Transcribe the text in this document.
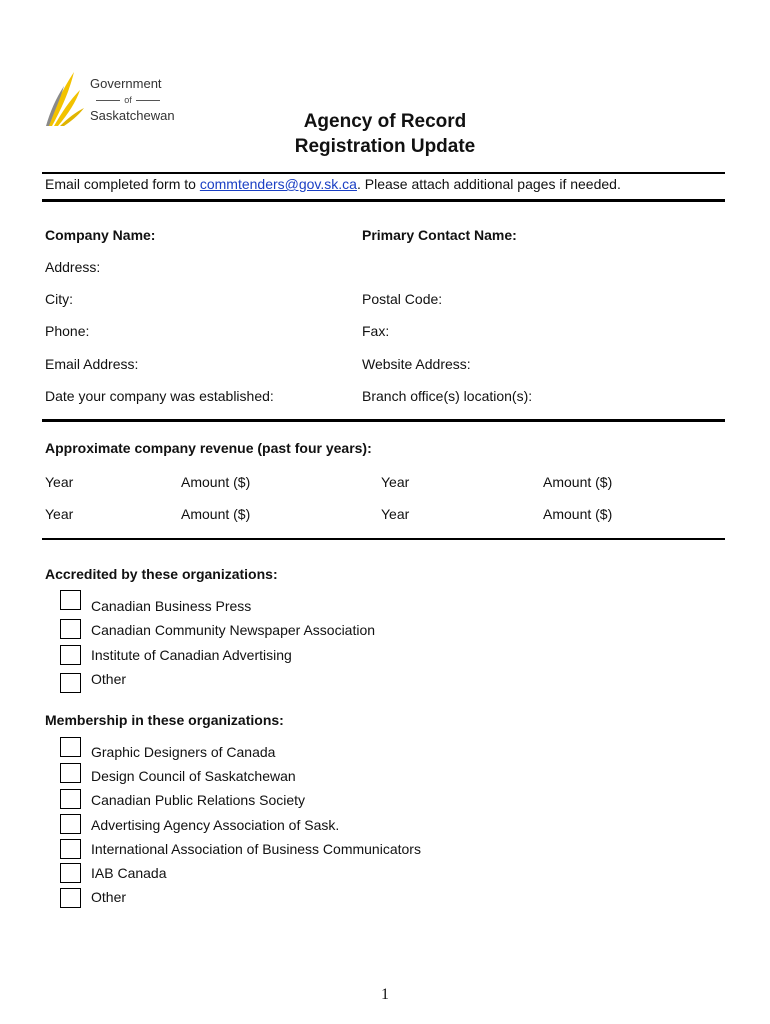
Government

of
Saskatchewan	Agency of Record
Registration Update
Email completed form to commtenders@gov.sk.ca. Please attach additional pages if needed.
Company Name:	Primary Contact Name:
Address:
City:	Postal Code:
Phone:	Fax:
Email Address:	Website Address:
Date your company was established:	Branch office(s) location(s):
Approximate company revenue (past four years):
Year	Amount ($)	Year	Amount ($)
Year	Amount ($)	Year	Amount ($)
Accredited by these organizations:
Canadian Business Press
Canadian Community Newspaper Association
Institute of Canadian Advertising
Other
Membership in these organizations:
Graphic Designers of Canada
Design Council of Saskatchewan
Canadian Public Relations Society
Advertising Agency Association of Sask.
International Association of Business Communicators
IAB Canada
Other
1
